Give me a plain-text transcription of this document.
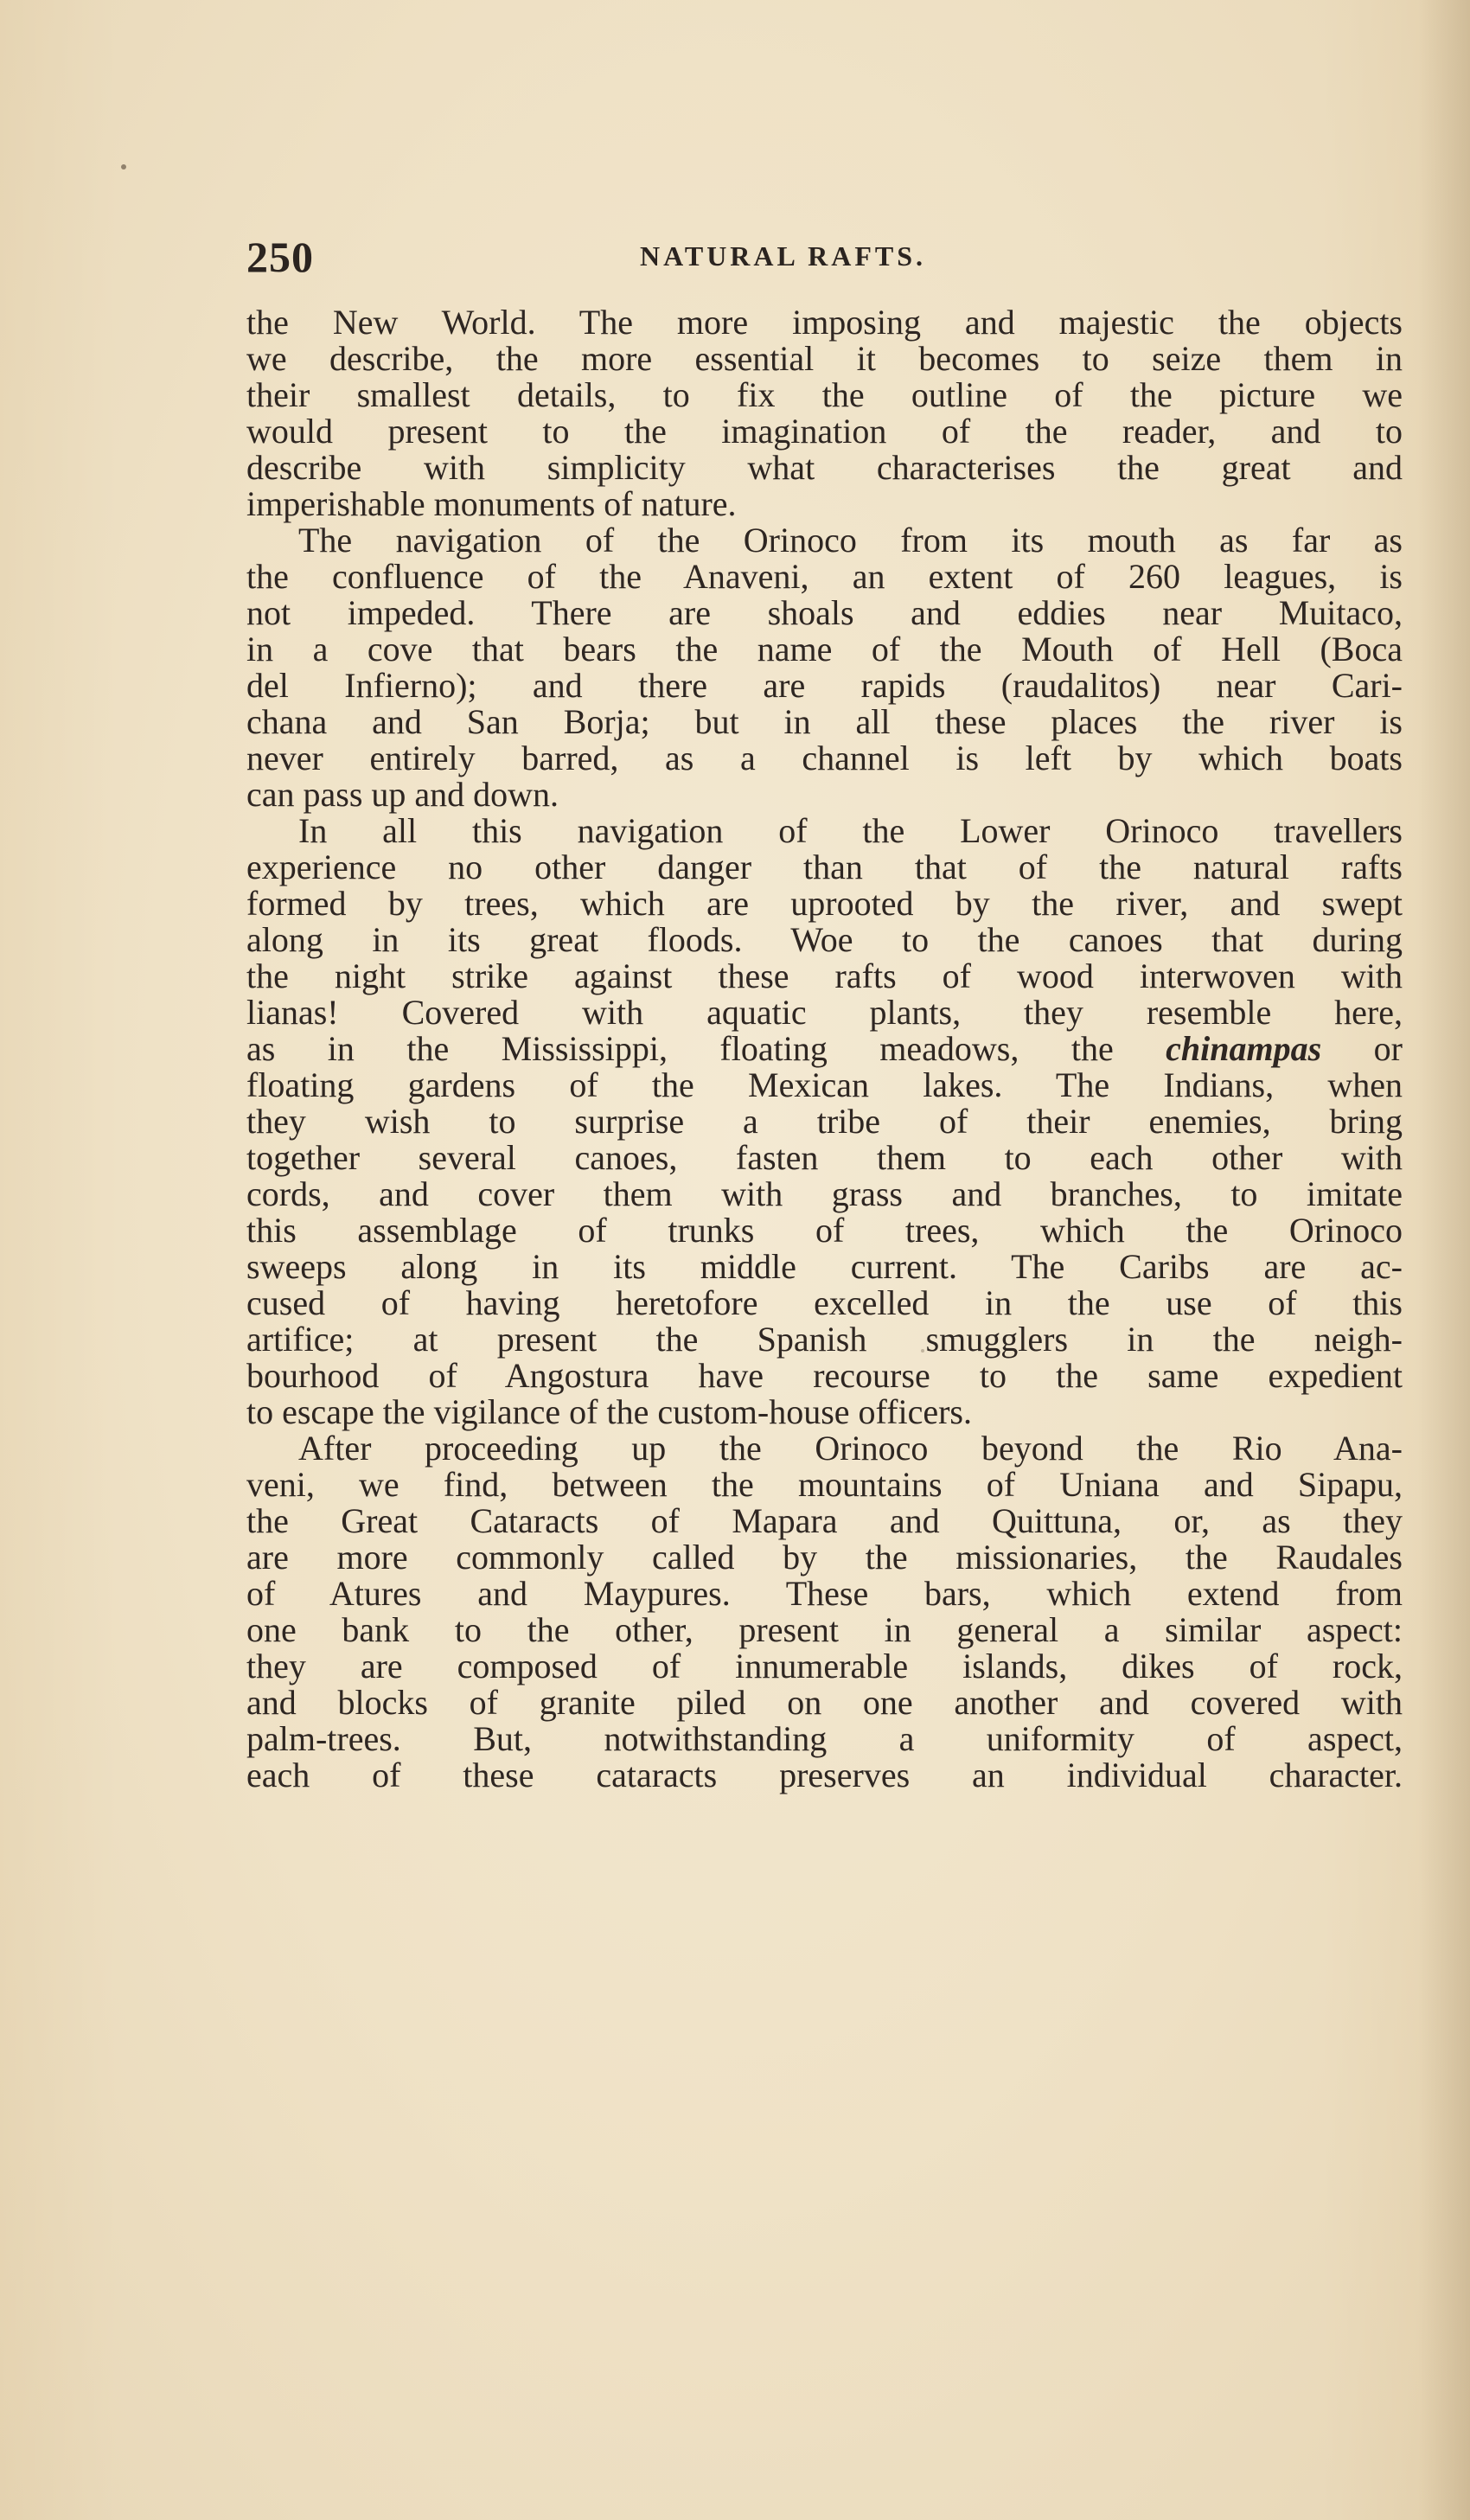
250	NATURAL RAFTS.
the New World. The more imposing and majestic the objects
we describe, the more essential it becomes to seize them in
their smallest details, to fix the outline of the picture we
would present to the imagination of the reader, and to
describe with simplicity what characterises the great and
imperishable monuments of nature.
The navigation of the Orinoco from its mouth as far as
the confluence of the Anaveni, an extent of 260 leagues, is
not impeded. There are shoals and eddies near Muitaco,
in a cove that bears the name of the Mouth of Hell (Boca
del Infierno); and there are rapids (raudalitos) near Cari-
chana and San Borja; but in all these places the river is
never entirely barred, as a channel is left by which boats
can pass up and down.
In all this navigation of the Lower Orinoco travellers
experience no other danger than that of the natural rafts
formed by trees, which are uprooted by the river, and swept
along in its great floods. Woe to the canoes that during
the night strike against these rafts of wood interwoven with
lianas! Covered with aquatic plants, they resemble here,
as in the Mississippi, floating meadows, the chinampas or
floating gardens of the Mexican lakes. The Indians, when
they wish to surprise a tribe of their enemies, bring
together several canoes, fasten them to each other with
cords, and cover them with grass and branches, to imitate
this assemblage of trunks of trees, which the Orinoco
sweeps along in its middle current. The Caribs are ac-
cused of having heretofore excelled in the use of this
artifice; at present the Spanish smugglers in the neigh-
bourhood of Angostura have recourse to the same expedient
to escape the vigilance of the custom-house officers.
After proceeding up the Orinoco beyond the Rio Ana-
veni, we find, between the mountains of Uniana and Sipapu,
the Great Cataracts of Mapara and Quittuna, or, as they
are more commonly called by the missionaries, the Raudales
of Atures and Maypures. These bars, which extend from
one bank to the other, present in general a similar aspect:
they are composed of innumerable islands, dikes of rock,
and blocks of granite piled on one another and covered with
palm-trees. But, notwithstanding a uniformity of aspect,
each of these cataracts preserves an individual character.
